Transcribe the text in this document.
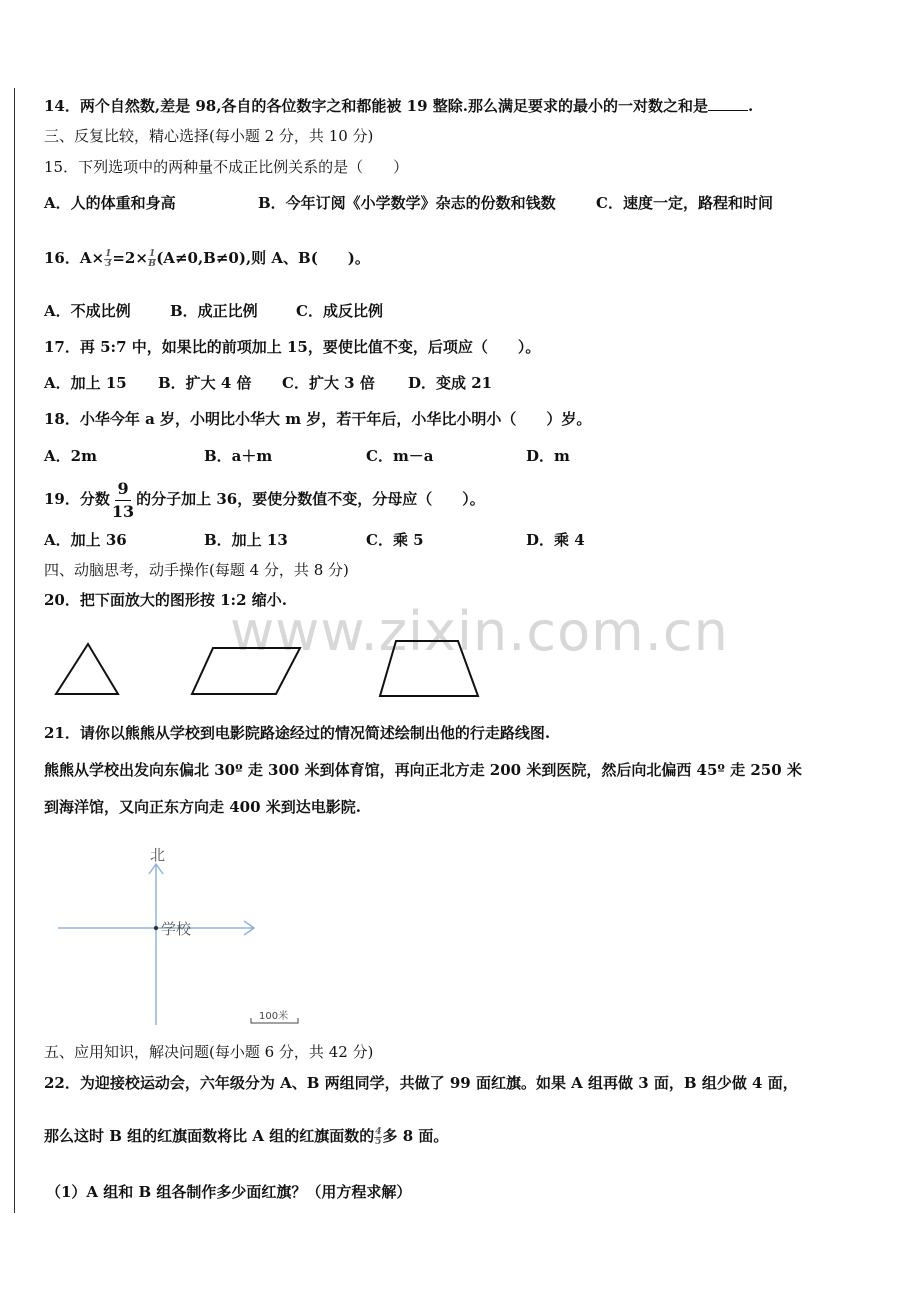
www.zixin.com.cn
14．两个自然数,差是 98,各自的各位数字之和都能被 19 整除.那么满足要求的最小的一对数之和是	.
三、反复比较，精心选择(每小题 2 分，共 10 分)
15．下列选项中的两种量不成正比例关系的是（　　）
A．人的体重和身高	B．今年订阅《小学数学》杂志的份数和钱数	C．速度一定，路程和时间
16．$A\times \frac{1}{3} =2\times \frac{1}{B} (A\ne 0,B\ne 0)$,则 A、B(　　)。
A．不成比例	B．成正比例	C．成反比例
17．再 5:7 中，如果比的前项加上 15，要使比值不变，后项应（　　）。
A．加上 15 B．扩大 4 倍 C．扩大 3 倍 D．变成 21
18．小华今年 a 岁，小明比小华大 m 岁，若干年后，小华比小明小（　　）岁。
A．2m	B．a＋m	C．m－a	D．m
19．分数 $\frac{9}{13}$ 的分子加上 36，要使分数值不变，分母应（　　）。
A．加上 36	B．加上 13	C．乘 5	D．乘 4
四、动脑思考，动手操作(每题 4 分，共 8 分)
20．把下面放大的图形按 1:2 缩小.
21．请你以熊熊从学校到电影院路途经过的情况简述绘制出他的行走路线图.
熊熊从学校出发向东偏北 30º 走 300 米到体育馆，再向正北方走 200 米到医院，然后向北偏西 45º 走 250 米
到海洋馆，又向正东方向走 400 米到达电影院.
北
学校
100米
五、应用知识，解决问题(每小题 6 分，共 42 分)
22．为迎接校运动会，六年级分为 A、B 两组同学，共做了 99 面红旗。如果 A 组再做 3 面，B 组少做 4 面，
那么这时 B 组的红旗面数将比 A 组的红旗面数的 $\frac{4}{5}$ 多 8 面。
（1）A 组和 B 组各制作多少面红旗？（用方程求解）
